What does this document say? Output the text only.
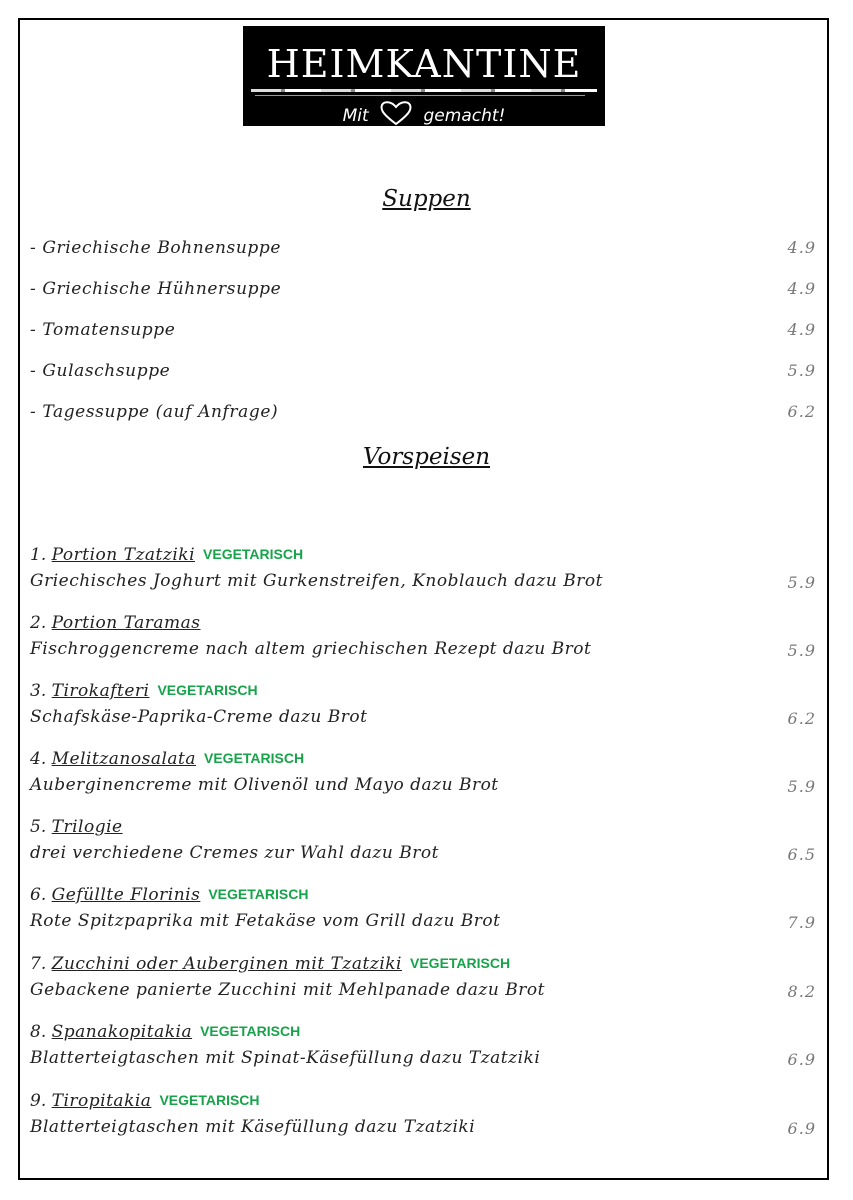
HEIMKANTINE
Mit	gemacht!
Suppen
- Griechische Bohnensuppe	4.9
- Griechische Hühnersuppe	4.9
- Tomatensuppe	4.9
- Gulaschsuppe	5.9
- Tagessuppe (auf Anfrage)	6.2
Vorspeisen
1. Portion Tzatziki VEGETARISCH
Griechisches Joghurt mit Gurkenstreifen, Knoblauch dazu Brot	5.9
2. Portion Taramas
Fischroggencreme nach altem griechischen Rezept dazu Brot	5.9
3. Tirokafteri VEGETARISCH
Schafskäse-Paprika-Creme dazu Brot	6.2
4. Melitzanosalata VEGETARISCH
Auberginencreme mit Olivenöl und Mayo dazu Brot	5.9
5. Trilogie
drei verchiedene Cremes zur Wahl dazu Brot	6.5
6. Gefüllte Florinis VEGETARISCH
Rote Spitzpaprika mit Fetakäse vom Grill dazu Brot	7.9
7. Zucchini oder Auberginen mit Tzatziki VEGETARISCH
Gebackene panierte Zucchini mit Mehlpanade dazu Brot	8.2
8. Spanakopitakia VEGETARISCH
Blatterteigtaschen mit Spinat-Käsefüllung dazu Tzatziki	6.9
9. Tiropitakia VEGETARISCH
Blatterteigtaschen mit Käsefüllung dazu Tzatziki	6.9
